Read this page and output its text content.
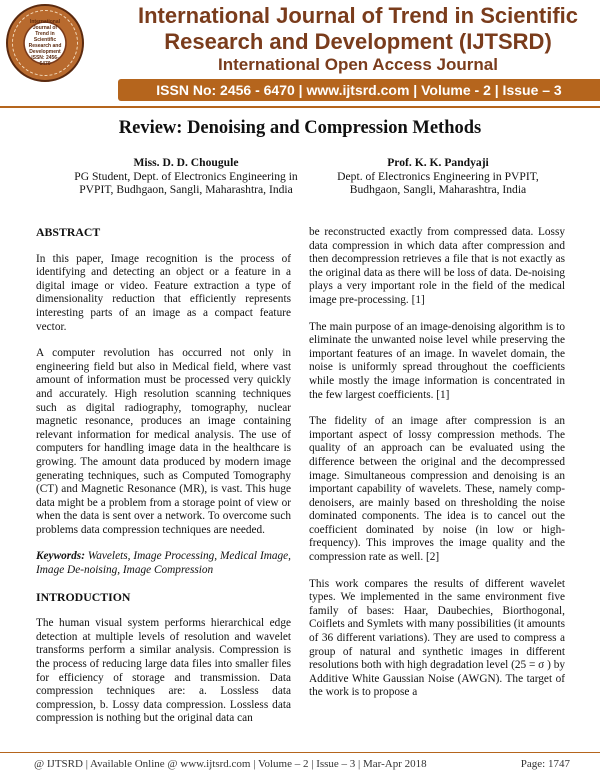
International Journal of Trend in Scientific Research and Development ISSN: 2456-6470
International Journal of Trend in Scientific
Research and Development (IJTSRD)
International Open Access Journal
ISSN No: 2456 - 6470 | www.ijtsrd.com | Volume - 2 | Issue – 3
Review: Denoising and Compression Methods
Miss. D. D. Chougule
PG Student, Dept. of Electronics Engineering in
PVPIT, Budhgaon, Sangli, Maharashtra, India
Prof. K. K. Pandyaji
Dept. of Electronics Engineering in PVPIT,
Budhgaon, Sangli, Maharashtra, India
ABSTRACT

In this paper, Image recognition is the process of identifying and detecting an object or a feature in a digital image or video. Feature extraction a type of dimensionality reduction that efficiently represents interesting parts of an image as a compact feature vector.

A computer revolution has occurred not only in engineering field but also in Medical field, where vast amount of information must be processed very quickly and accurately. High resolution scanning techniques such as digital radiography, tomography, nuclear magnetic resonance, produces an image containing relevant information for medical analysis. The use of computers for handling image data in the healthcare is growing. The amount data produced by modern image generating techniques, such as Computed Tomography (CT) and Magnetic Resonance (MR), is vast. This huge data might be a problem from a storage point of view or when the data is sent over a network. To overcome such problems data compression techniques are needed.

Keywords: Wavelets, Image Processing, Medical Image, Image De-noising, Image Compression

INTRODUCTION

The human visual system performs hierarchical edge detection at multiple levels of resolution and wavelet transforms perform a similar analysis. Compression is the process of reducing large data files into smaller files for efficiency of storage and transmission. Data compression techniques are: a. Lossless data compression, b. Lossy data compression. Lossless data compression is nothing but the original data can

be reconstructed exactly from compressed data. Lossy data compression in which data after compression and then decompression retrieves a file that is not exactly as the original data as there will be loss of data. De-noising plays a very important role in the field of the medical image pre-processing. [1]

The main purpose of an image-denoising algorithm is to eliminate the unwanted noise level while preserving the important features of an image. In wavelet domain, the noise is uniformly spread throughout the coefficients while mostly the image information is concentrated in the few largest coefficients. [1]

The fidelity of an image after compression is an important aspect of lossy compression methods. The quality of an approach can be evaluated using the difference between the original and the decompressed image. Simultaneous compression and denoising is an important capability of wavelets. These, namely comp-denoisers, are mainly based on thresholding the noise dominated components. The idea is to cancel out the coefficient dominated by noise (in low or high-frequency). This improves the image quality and the compression rate as well. [2]

This work compares the results of different wavelet types. We implemented in the same environment five family of bases: Haar, Daubechies, Biorthogonal, Coiflets and Symlets with many possibilities (it amounts of 36 different variations). They are used to compress a group of natural and synthetic images in different resolutions both with high degradation level (25 = σ ) by Additive White Gaussian Noise (AWGN). The target of the work is to propose a

@ IJTSRD | Available Online @ www.ijtsrd.com | Volume – 2 | Issue – 3 | Mar-Apr 2018	Page: 1747
